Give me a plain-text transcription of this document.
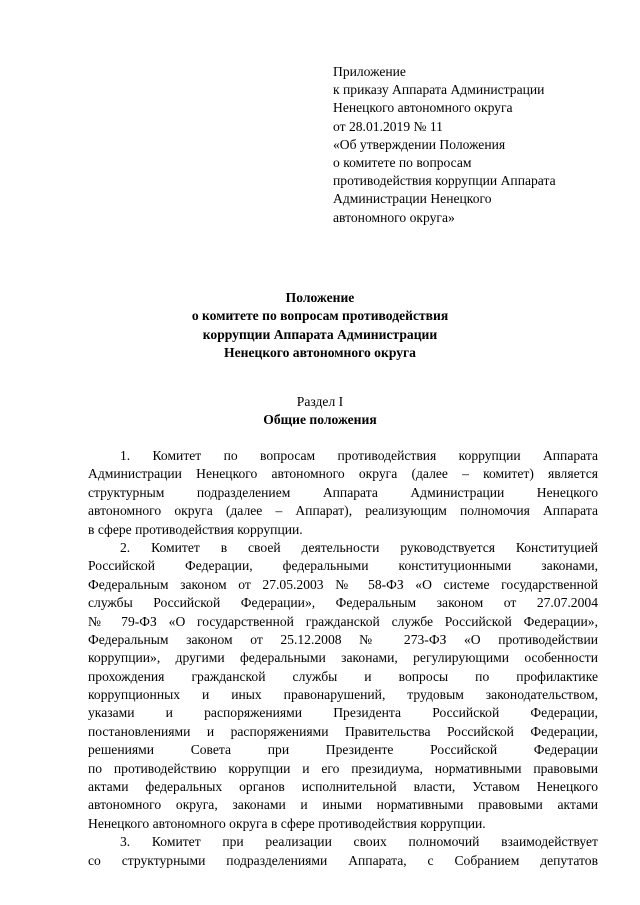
Приложение
к приказу Аппарата Администрации
Ненецкого автономного округа
от 28.01.2019 № 11
«Об утверждении Положения
о комитете по вопросам
противодействия коррупции Аппарата
Администрации Ненецкого
автономного округа»
Положение
о комитете по вопросам противодействия
коррупции Аппарата Администрации
Ненецкого автономного округа
Раздел I
Общие положения
1. Комитет по вопросам противодействия коррупции Аппарата
Администрации Ненецкого автономного округа (далее – комитет) является
структурным подразделением Аппарата Администрации Ненецкого
автономного округа (далее – Аппарат), реализующим полномочия Аппарата
в сфере противодействия коррупции.
2. Комитет в своей деятельности руководствуется Конституцией
Российской Федерации, федеральными конституционными законами,
Федеральным законом от 27.05.2003 № 58-ФЗ «О системе государственной
службы Российской Федерации», Федеральным законом от 27.07.2004
№ 79-ФЗ «О государственной гражданской службе Российской Федерации»,
Федеральным законом от 25.12.2008 № 273-ФЗ «О противодействии
коррупции», другими федеральными законами, регулирующими особенности
прохождения гражданской службы и вопросы по профилактике
коррупционных и иных правонарушений, трудовым законодательством,
указами и распоряжениями Президента Российской Федерации,
постановлениями и распоряжениями Правительства Российской Федерации,
решениями Совета при Президенте Российской Федерации
по противодействию коррупции и его президиума, нормативными правовыми
актами федеральных органов исполнительной власти, Уставом Ненецкого
автономного округа, законами и иными нормативными правовыми актами
Ненецкого автономного округа в сфере противодействия коррупции.
3. Комитет при реализации своих полномочий взаимодействует
со структурными подразделениями Аппарата, с Собранием депутатов
